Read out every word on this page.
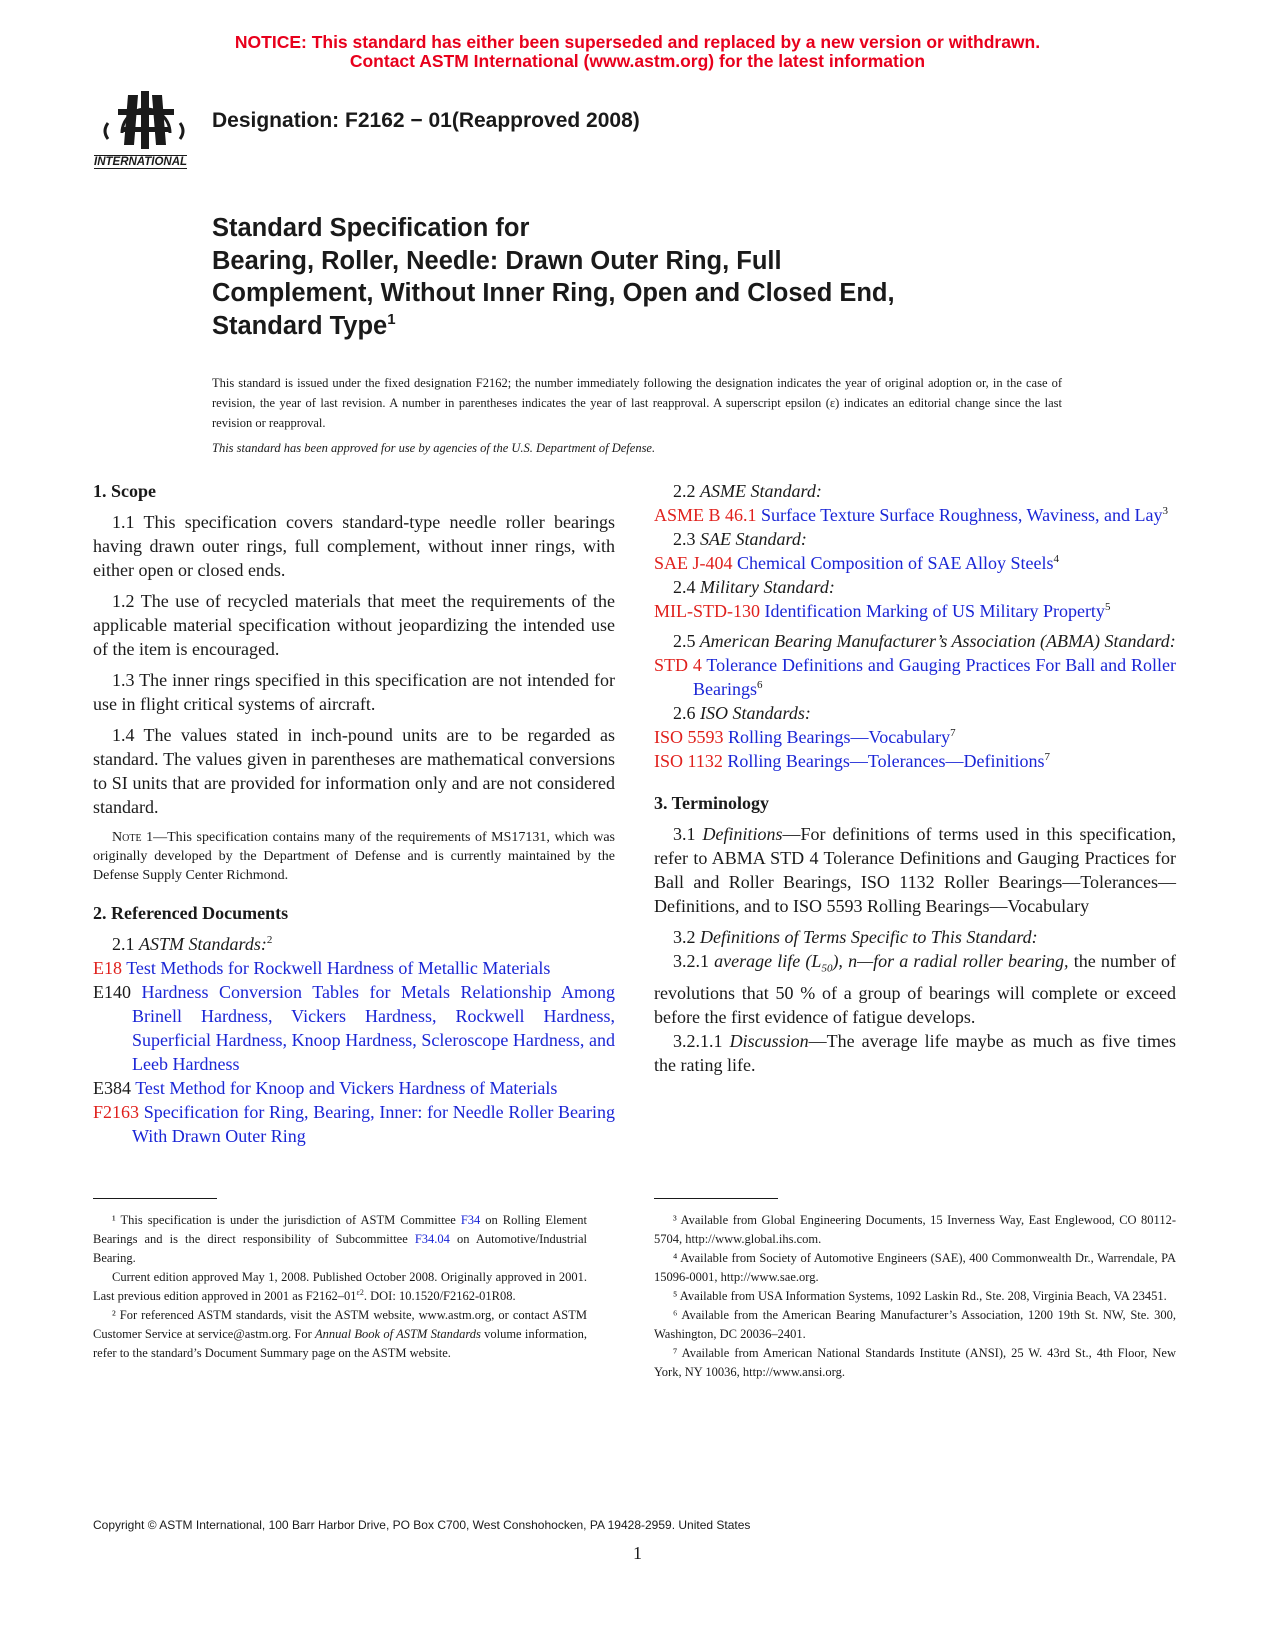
NOTICE: This standard has either been superseded and replaced by a new version or withdrawn.
Contact ASTM International (www.astm.org) for the latest information
INTERNATIONAL
Designation: F2162 − 01(Reapproved 2008)
Standard Specification for
Bearing, Roller, Needle: Drawn Outer Ring, Full
Complement, Without Inner Ring, Open and Closed End,
Standard Type$^1$
This standard is issued under the fixed designation F2162; the number immediately following the designation indicates the year of original adoption or, in the case of revision, the year of last revision. A number in parentheses indicates the year of last reapproval. A superscript epsilon (ε) indicates an editorial change since the last revision or reapproval.
This standard has been approved for use by agencies of the U.S. Department of Defense.
1. Scope

1.1 This specification covers standard-type needle roller bearings having drawn outer rings, full complement, without inner rings, with either open or closed ends.

1.2 The use of recycled materials that meet the requirements of the applicable material specification without jeopardizing the intended use of the item is encouraged.

1.3 The inner rings specified in this specification are not intended for use in flight critical systems of aircraft.

1.4 The values stated in inch-pound units are to be regarded as standard. The values given in parentheses are mathematical conversions to SI units that are provided for information only and are not considered standard.

Note 1—This specification contains many of the requirements of MS17131, which was originally developed by the Department of Defense and is currently maintained by the Defense Supply Center Richmond.

2. Referenced Documents

2.1 ASTM Standards:$^2$

E18 Test Methods for Rockwell Hardness of Metallic Materials

E140 Hardness Conversion Tables for Metals Relationship Among Brinell Hardness, Vickers Hardness, Rockwell Hardness, Superficial Hardness, Knoop Hardness, Scleroscope Hardness, and Leeb Hardness

E384 Test Method for Knoop and Vickers Hardness of Materials

F2163 Specification for Ring, Bearing, Inner: for Needle Roller Bearing With Drawn Outer Ring

2.2 ASME Standard:

ASME B 46.1 Surface Texture Surface Roughness, Waviness, and Lay$^3$

2.3 SAE Standard:

SAE J-404 Chemical Composition of SAE Alloy Steels$^4$

2.4 Military Standard:

MIL-STD-130 Identification Marking of US Military Property$^5$

2.5 American Bearing Manufacturer’s Association (ABMA) Standard:

STD 4 Tolerance Definitions and Gauging Practices For Ball and Roller Bearings$^6$

2.6 ISO Standards:

ISO 5593 Rolling Bearings—Vocabulary$^7$

ISO 1132 Rolling Bearings—Tolerances—Definitions$^7$

3. Terminology

3.1 Definitions—For definitions of terms used in this specification, refer to ABMA STD 4 Tolerance Definitions and Gauging Practices for Ball and Roller Bearings, ISO 1132 Roller Bearings—Tolerances—Definitions, and to ISO 5593 Rolling Bearings—Vocabulary

3.2 Definitions of Terms Specific to This Standard:

3.2.1 average life $(L_{50})$, n—for a radial roller bearing, the number of revolutions that 50 % of a group of bearings will complete or exceed before the first evidence of fatigue develops.

3.2.1.1 Discussion—The average life maybe as much as five times the rating life.

¹ This specification is under the jurisdiction of ASTM Committee F34 on Rolling Element Bearings and is the direct responsibility of Subcommittee F34.04 on Automotive/Industrial Bearing.

Current edition approved May 1, 2008. Published October 2008. Originally approved in 2001. Last previous edition approved in 2001 as $F2162-01^{\varepsilon 2}$. DOI: 10.1520/F2162-01R08.

² For referenced ASTM standards, visit the ASTM website, www.astm.org, or contact ASTM Customer Service at service@astm.org. For Annual Book of ASTM Standards volume information, refer to the standard’s Document Summary page on the ASTM website.

³ Available from Global Engineering Documents, 15 Inverness Way, East Englewood, CO 80112-5704, http://www.global.ihs.com.

⁴ Available from Society of Automotive Engineers (SAE), 400 Commonwealth Dr., Warrendale, PA 15096-0001, http://www.sae.org.

⁵ Available from USA Information Systems, 1092 Laskin Rd., Ste. 208, Virginia Beach, VA 23451.

⁶ Available from the American Bearing Manufacturer’s Association, 1200 19th St. NW, Ste. 300, Washington, DC 20036–2401.

⁷ Available from American National Standards Institute (ANSI), 25 W. 43rd St., 4th Floor, New York, NY 10036, http://www.ansi.org.

Copyright © ASTM International, 100 Barr Harbor Drive, PO Box C700, West Conshohocken, PA 19428-2959. United States
1
